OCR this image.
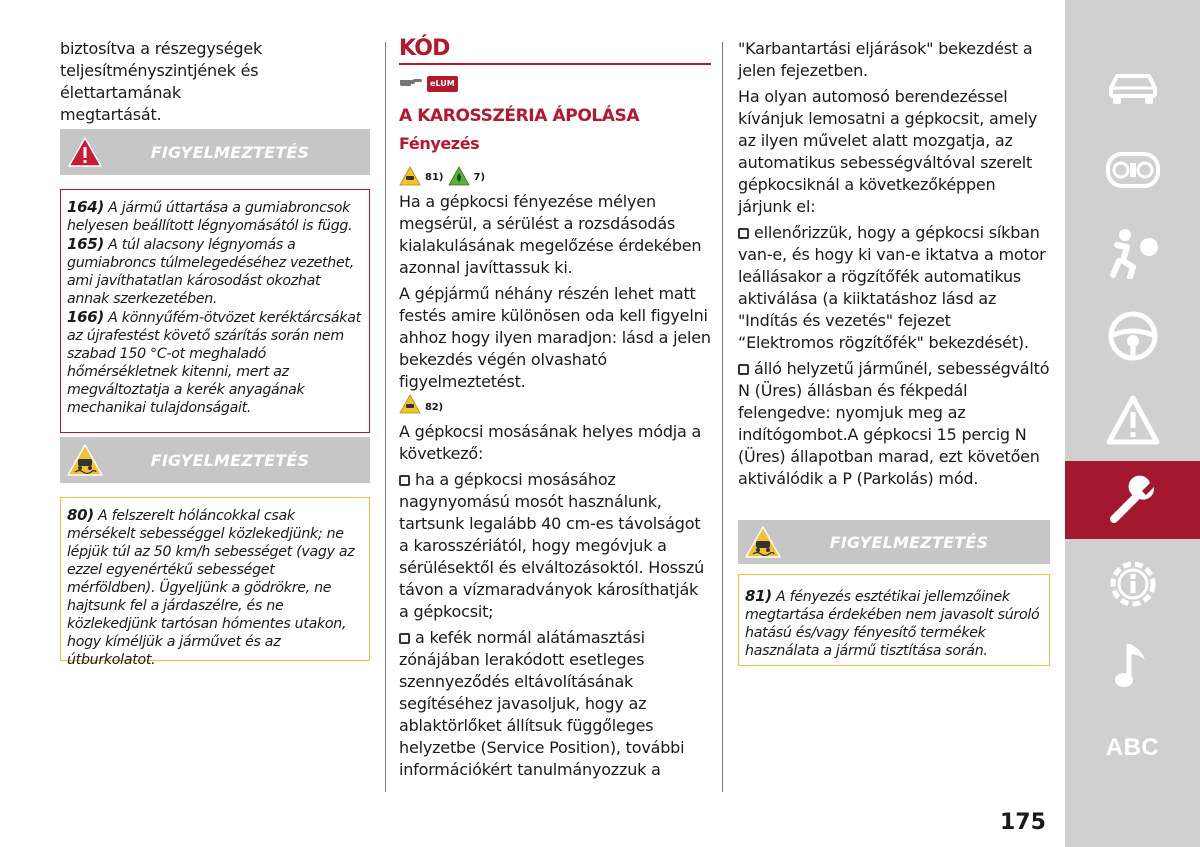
biztosítva a részegységek teljesítményszintjének és élettartamának megtartását.
FIGYELMEZTETÉS
164) A jármű úttartása a gumiabroncsok helyesen beállított légnyomásától is függ.
165) A túl alacsony légnyomás a gumiabroncs túlmelegedéséhez vezethet, ami javíthatatlan károsodást okozhat annak szerkezetében.
166) A könnyűfém-ötvözet keréktárcsákat az újrafestést követő szárítás során nem szabad 150 °C-ot meghaladó hőmérsékletnek kitenni, mert az megváltoztatja a kerék anyagának mechanikai tulajdonságait.
FIGYELMEZTETÉS
80) A felszerelt hóláncokkal csak mérsékelt sebességgel közlekedjünk; ne lépjük túl az 50 km/h sebességet (vagy az ezzel egyenértékű sebességet mérföldben). Ügyeljünk a gödrökre, ne hajtsunk fel a járdaszélre, és ne közlekedjünk tartósan hómentes utakon, hogy kíméljük a járművet és az útburkolatot.
KÓD
eLUM
A KAROSSZÉRIA ÁPOLÁSA
Fényezés
81)	7)

Ha a gépkocsi fényezése mélyen megsérül, a sérülést a rozsdásodás kialakulásának megelőzése érdekében azonnal javíttassuk ki.

A gépjármű néhány részén lehet matt festés amire különösen oda kell figyelni ahhoz hogy ilyen maradjon: lásd a jelen bekezdés végén olvasható figyelmeztetést.

82)

A gépkocsi mosásának helyes módja a következő:

ha a gépkocsi mosásához nagynyomású mosót használunk, tartsunk legalább 40 cm-es távolságot a karosszériától, hogy megóvjuk a sérülésektől és elváltozásoktól. Hosszú távon a vízmaradványok károsíthatják a gépkocsit;

a kefék normál alátámasztási zónájában lerakódott esetleges szennyeződés eltávolításának segítéséhez javasoljuk, hogy az ablaktörlőket állítsuk függőleges helyzetbe (Service Position), további információkért tanulmányozzuk a

"Karbantartási eljárások" bekezdést a jelen fejezetben.

Ha olyan automosó berendezéssel kívánjuk lemosatni a gépkocsit, amely az ilyen művelet alatt mozgatja, az automatikus sebességváltóval szerelt gépkocsiknál a következőképpen járjunk el:

ellenőrizzük, hogy a gépkocsi síkban van-e, és hogy ki van-e iktatva a motor leállásakor a rögzítőfék automatikus aktiválása (a kiiktatáshoz lásd az "Indítás és vezetés" fejezet “Elektromos rögzítőfék" bekezdését).

álló helyzetű járműnél, sebességváltó N (Üres) állásban és fékpedál felengedve: nyomjuk meg az indítógombot.A gépkocsi 15 percig N (Üres) állapotban marad, ezt követően aktiválódik a P (Parkolás) mód.

FIGYELMEZTETÉS
81) A fényezés esztétikai jellemzőinek megtartása érdekében nem javasolt súroló hatású és/vagy fényesítő termékek használata a jármű tisztítása során.
175
ABC
